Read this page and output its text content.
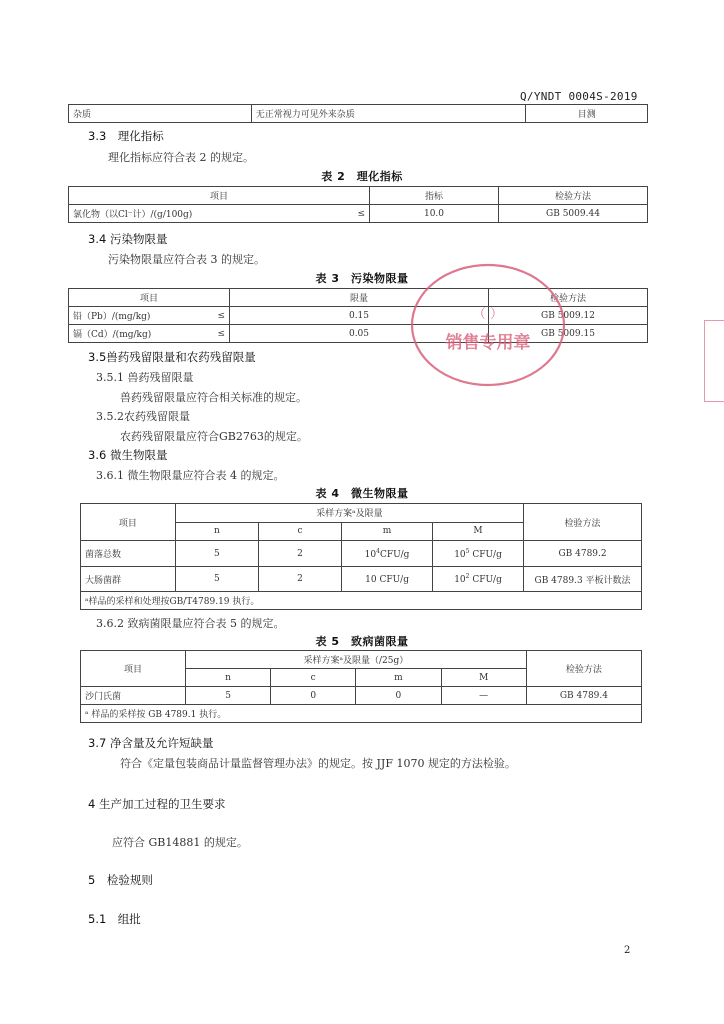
Q/YNDT 0004S-2019
杂质	无正常视力可见外来杂质	目测
3.3　理化指标
理化指标应符合表 2 的规定。
表 2　理化指标
项目		指标	检验方法
氯化物（以Cl⁻计）/(g/100g)	≤	10.0	GB 5009.44
3.4 污染物限量
污染物限量应符合表 3 的规定。
表 3　污染物限量
项目		限量	检验方法
铅（Pb）/(mg/kg)	≤	0.15	GB 5009.12
镉（Cd）/(mg/kg)	≤	0.05	GB 5009.15
3.5兽药残留限量和农药残留限量
3.5.1 兽药残留限量
兽药残留限量应符合相关标准的规定。
3.5.2农药残留限量
农药残留限量应符合GB2763的规定。
3.6 微生物限量
3.6.1 微生物限量应符合表 4 的规定。
表 4　微生物限量
项目	采样方案ᵃ及限量				检验方法
	n	c	m	M	
菌落总数	5	2	$10^4CFU/g$	$10^5$ CFU/g	GB 4789.2
大肠菌群	5	2	10 CFU/g	$10^2$ CFU/g	GB 4789.3 平板计数法
ᵃ样品的采样和处理按GB/T4789.19 执行。					
3.6.2 致病菌限量应符合表 5 的规定。
表 5　致病菌限量
项目	采样方案ᵃ及限量（/25g）				检验方法
	n	c	m	M	
沙门氏菌	5	0	0	—	GB 4789.4
ᵃ 样品的采样按 GB 4789.1 执行。					
3.7 净含量及允许短缺量
符合《定量包装商品计量监督管理办法》的规定。按 JJF 1070 规定的方法检验。
4 生产加工过程的卫生要求
应符合 GB14881 的规定。
5　检验规则
5.1　组批
2
（ ）
销售专用章
